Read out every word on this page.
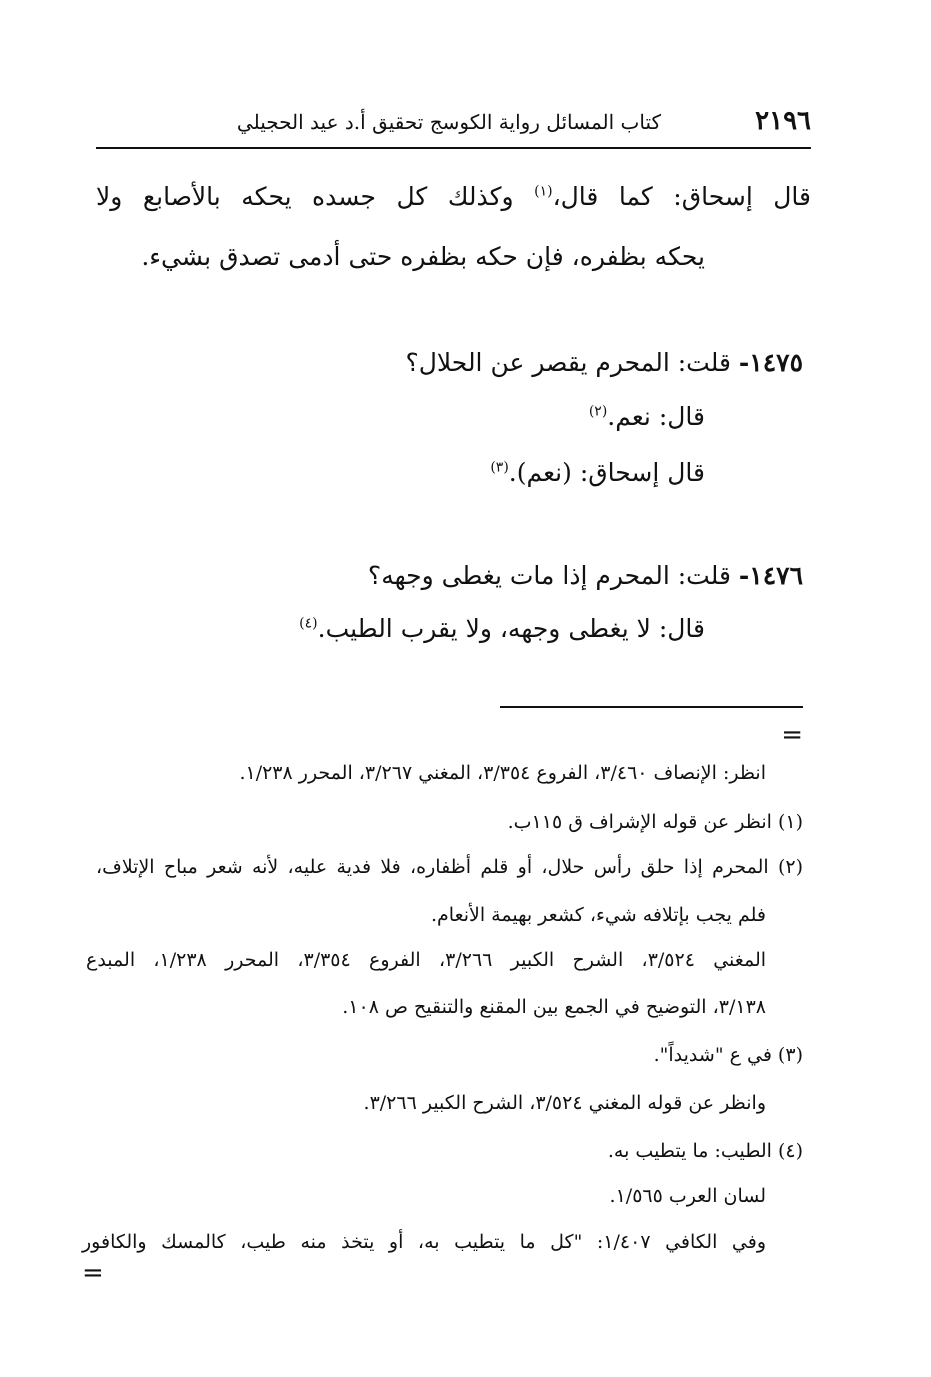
٢١٩٦
كتاب المسائل رواية الكوسج تحقيق أ.د عيد الحجيلي
قال إسحاق: كما قال،$^{(١)}$ وكذلك كل جسده يحكه بالأصابع ولا
يحكه بظفره، فإن حكه بظفره حتى أدمى تصدق بشيء.
١٤٧٥- قلت: المحرم يقصر عن الحلال؟
قال: نعم.$^{(٢)}$
قال إسحاق: (نعم).$^{(٣)}$
١٤٧٦- قلت: المحرم إذا مات يغطى وجهه؟
قال: لا يغطى وجهه، ولا يقرب الطيب.$^{(٤)}$
=
انظر: الإنصاف ٣/٤٦٠، الفروع ٣/٣٥٤، المغني ٣/٢٦٧، المحرر ١/٢٣٨.
(١) انظر عن قوله الإشراف ق ١١٥ب.
(٢) المحرم إذا حلق رأس حلال، أو قلم أظفاره، فلا فدية عليه، لأنه شعر مباح الإتلاف،
فلم يجب بإتلافه شيء، كشعر بهيمة الأنعام.
المغني ٣/٥٢٤، الشرح الكبير ٣/٢٦٦، الفروع ٣/٣٥٤، المحرر ١/٢٣٨، المبدع
٣/١٣٨، التوضيح في الجمع بين المقنع والتنقيح ص ١٠٨.
(٣) في ع "شديداً".
وانظر عن قوله المغني ٣/٥٢٤، الشرح الكبير ٣/٢٦٦.
(٤) الطيب: ما يتطيب به.
لسان العرب ١/٥٦٥.
وفي الكافي ١/٤٠٧: "كل ما يتطيب به، أو يتخذ منه طيب، كالمسك والكافور
=
